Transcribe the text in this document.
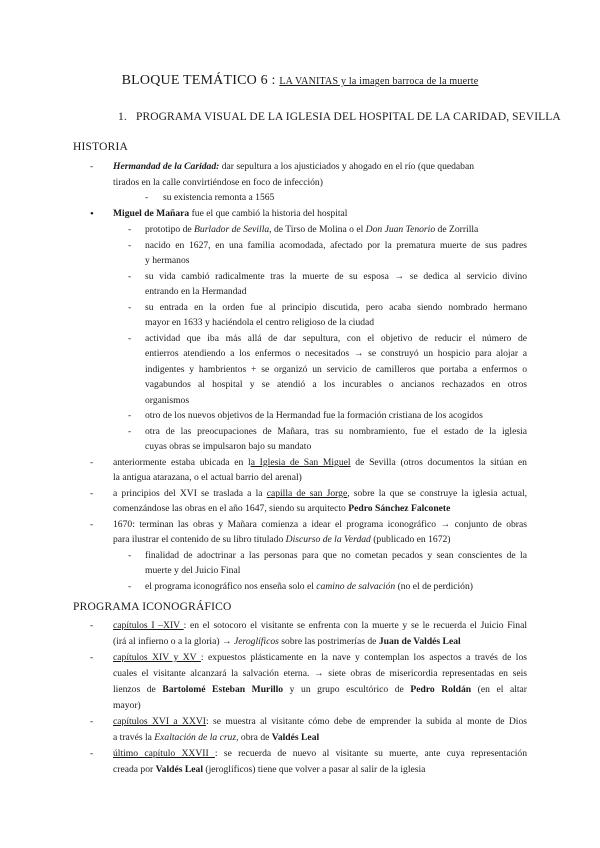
BLOQUE TEMÁTICO 6 : LA VANITAS y la imagen barroca de la muerte
1. PROGRAMA VISUAL DE LA IGLESIA DEL HOSPITAL DE LA CARIDAD, SEVILLA
HISTORIA
- Hermandad de la Caridad: dar sepultura a los ajusticiados y ahogado en el río (que quedaban
tirados en la calle convirtiéndose en foco de infección)
- su existencia remonta a 1565
• Miguel de Mañara fue el que cambió la historia del hospital
- prototipo de Burlador de Sevilla, de Tirso de Molina o el Don Juan Tenorio de Zorrilla
- nacido en 1627, en una familia acomodada, afectado por la prematura muerte de sus padres
y hermanos
- su vida cambió radicalmente tras la muerte de su esposa → se dedica al servicio divino
entrando en la Hermandad
- su entrada en la orden fue al principio discutida, pero acaba siendo nombrado hermano
mayor en 1633 y haciéndola el centro religioso de la ciudad
- actividad que iba más allá de dar sepultura, con el objetivo de reducir el número de
entierros atendiendo a los enfermos o necesitados → se construyó un hospicio para alojar a
indigentes y hambrientos + se organizó un servicio de camilleros que portaba a enfermos o
vagabundos al hospital y se atendió a los incurables o ancianos rechazados en otros
organismos
- otro de los nuevos objetivos de la Hermandad fue la formación cristiana de los acogidos
- otra de las preocupaciones de Mañara, tras su nombramiento, fue el estado de la iglesia
cuyas obras se impulsaron bajo su mandato
- anteriormente estaba ubicada en la Iglesia de San Miguel de Sevilla (otros documentos la sitúan en
la antigua atarazana, o el actual barrio del arenal)
- a principios del XVI se traslada a la capilla de san Jorge, sobre la que se construye la iglesia actual,
comenzándose las obras en el año 1647, siendo su arquitecto Pedro Sánchez Falconete
- 1670: terminan las obras y Mañara comienza a idear el programa iconográfico → conjunto de obras
para ilustrar el contenido de su libro titulado Discurso de la Verdad (publicado en 1672)
- finalidad de adoctrinar a las personas para que no cometan pecados y sean conscientes de la
muerte y del Juicio Final
- el programa iconográfico nos enseña solo el camino de salvación (no el de perdición)
PROGRAMA ICONOGRÁFICO
- capítulos I –XIV : en el sotocoro el visitante se enfrenta con la muerte y se le recuerda el Juicio Final
(irá al infierno o a la gloria) → Jeroglíficos sobre las postrimerías de Juan de Valdés Leal
- capítulos XIV y XV : expuestos plásticamente en la nave y contemplan los aspectos a través de los
cuales el visitante alcanzará la salvación eterna. → siete obras de misericordia representadas en seis
lienzos de Bartolomé Esteban Murillo y un grupo escultórico de Pedro Roldán (en el altar
mayor)
- capítulos XVI a XXVI: se muestra al visitante cómo debe de emprender la subida al monte de Dios
a través la Exaltación de la cruz, obra de Valdés Leal
- último capítulo XXVII : se recuerda de nuevo al visitante su muerte, ante cuya representación
creada por Valdés Leal (jeroglíficos) tiene que volver a pasar al salir de la iglesia
